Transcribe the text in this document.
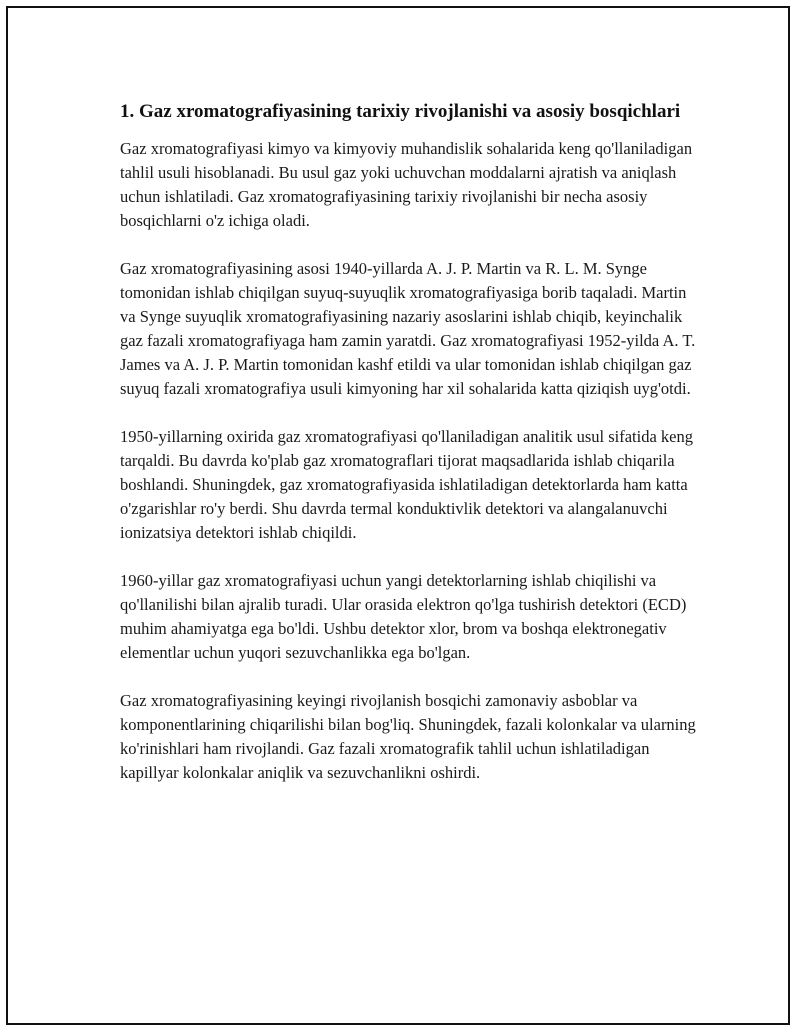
1. Gaz xromatografiyasining tarixiy rivojlanishi va asosiy bosqichlari

Gaz xromatografiyasi kimyo va kimyoviy muhandislik sohalarida keng qo'llaniladigan tahlil usuli hisoblanadi. Bu usul gaz yoki uchuvchan moddalarni ajratish va aniqlash uchun ishlatiladi. Gaz xromatografiyasining tarixiy rivojlanishi bir necha asosiy bosqichlarni o'z ichiga oladi.

Gaz xromatografiyasining asosi 1940-yillarda A. J. P. Martin va R. L. M. Synge tomonidan ishlab chiqilgan suyuq-suyuqlik xromatografiyasiga borib taqaladi. Martin va Synge suyuqlik xromatografiyasining nazariy asoslarini ishlab chiqib, keyinchalik gaz fazali xromatografiyaga ham zamin yaratdi. Gaz xromatografiyasi 1952-yilda A. T. James va A. J. P. Martin tomonidan kashf etildi va ular tomonidan ishlab chiqilgan gaz suyuq fazali xromatografiya usuli kimyoning har xil sohalarida katta qiziqish uyg'otdi.

1950-yillarning oxirida gaz xromatografiyasi qo'llaniladigan analitik usul sifatida keng tarqaldi. Bu davrda ko'plab gaz xromatograflari tijorat maqsadlarida ishlab chiqarila boshlandi. Shuningdek, gaz xromatografiyasida ishlatiladigan detektorlarda ham katta o'zgarishlar ro'y berdi. Shu davrda termal konduktivlik detektori va alangalanuvchi ionizatsiya detektori ishlab chiqildi.

1960-yillar gaz xromatografiyasi uchun yangi detektorlarning ishlab chiqilishi va qo'llanilishi bilan ajralib turadi. Ular orasida elektron qo'lga tushirish detektori (ECD) muhim ahamiyatga ega bo'ldi. Ushbu detektor xlor, brom va boshqa elektronegativ elementlar uchun yuqori sezuvchanlikka ega bo'lgan.

Gaz xromatografiyasining keyingi rivojlanish bosqichi zamonaviy asboblar va komponentlarining chiqarilishi bilan bog'liq. Shuningdek, fazali kolonkalar va ularning ko'rinishlari ham rivojlandi. Gaz fazali xromatografik tahlil uchun ishlatiladigan kapillyar kolonkalar aniqlik va sezuvchanlikni oshirdi.
